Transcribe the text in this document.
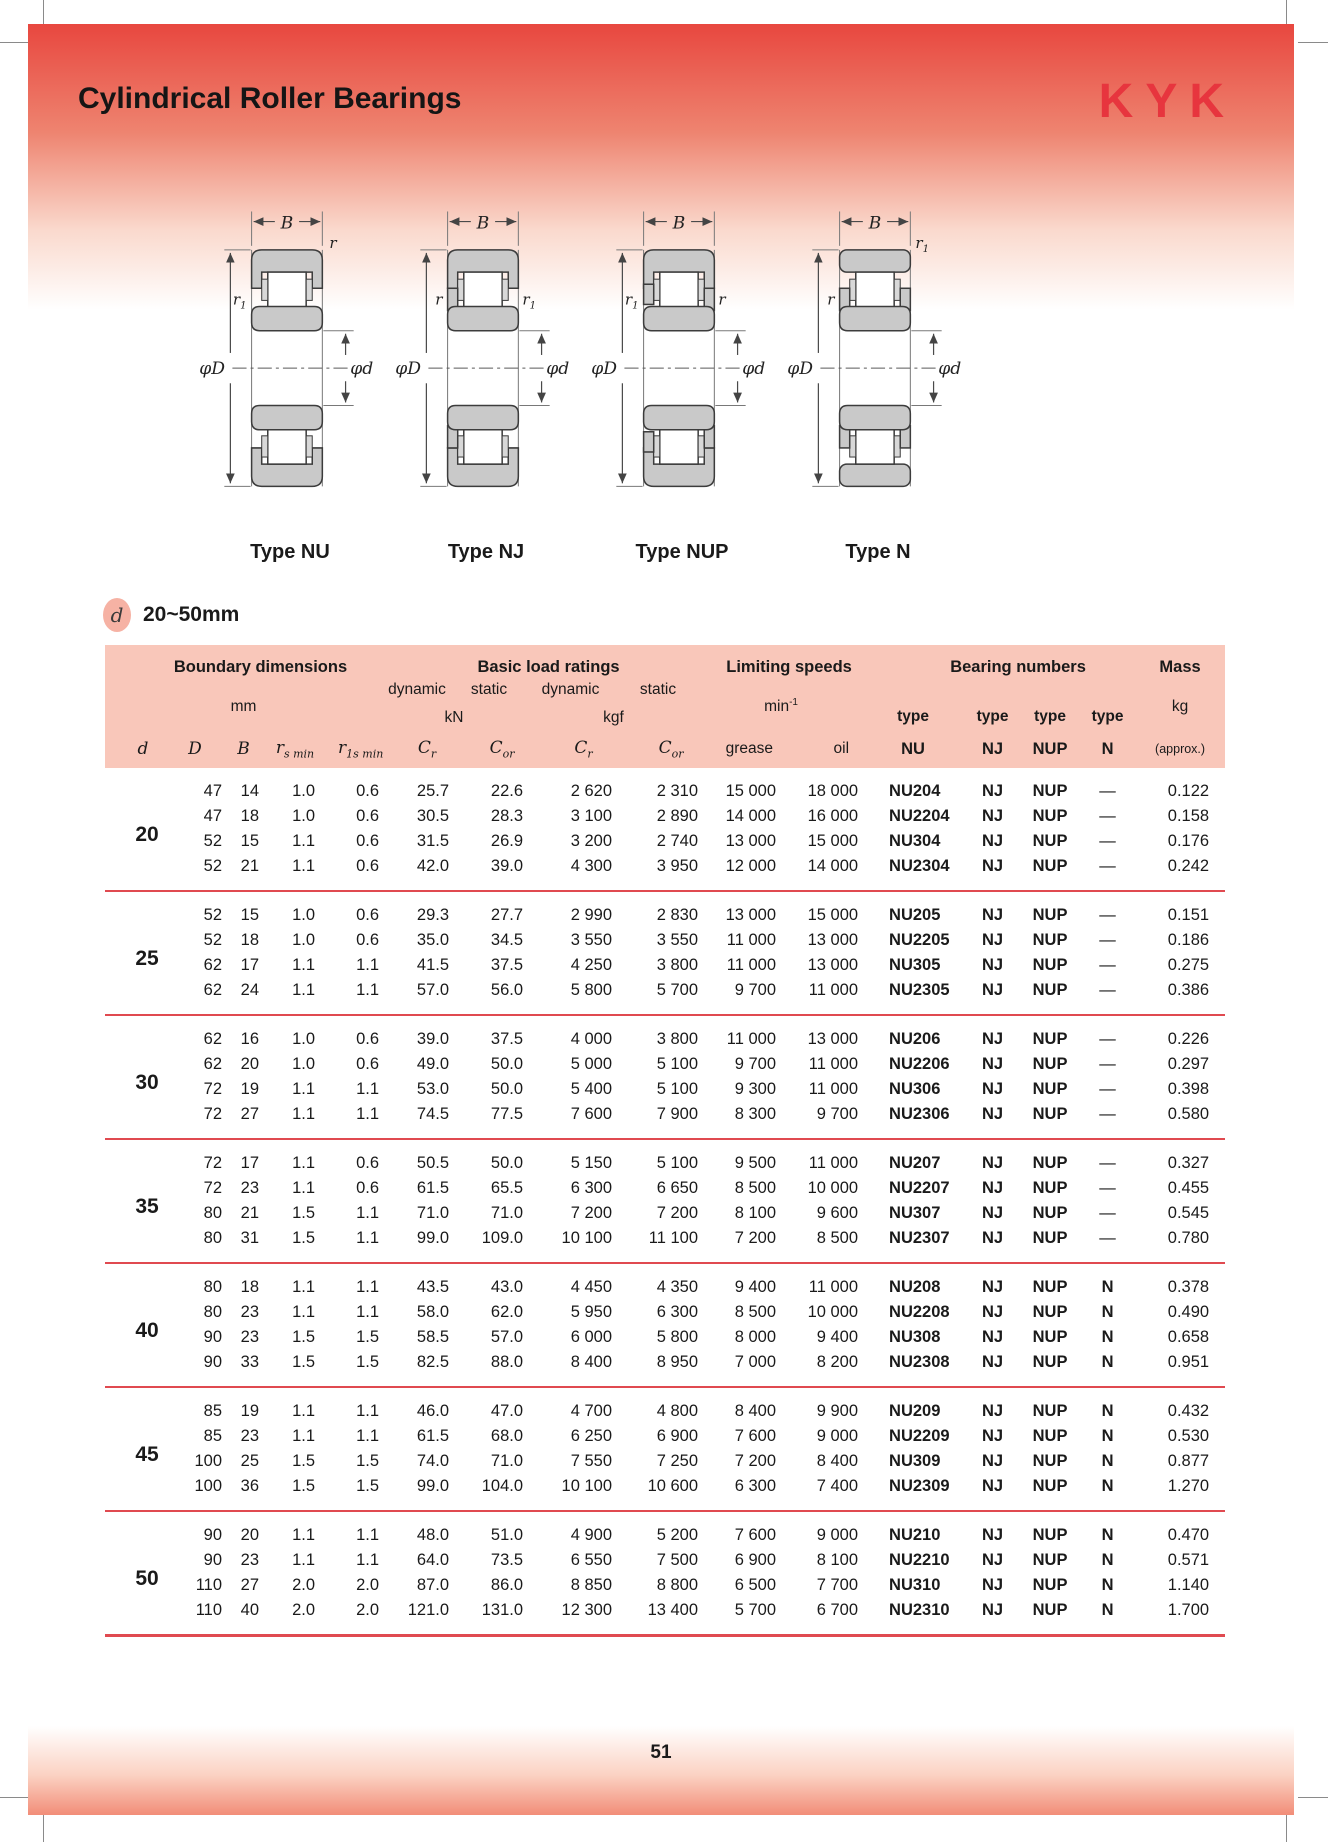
Cylindrical Roller Bearings	KYK
B
φD	φd
r
$r_1$
Type NU
B
φD	φd
r	$r_1$
Type NJ
B
φD	φd
$r_1$	r
Type NUP
B
φD	φd
$r_1$
r
Type N
d 20~50mm
Boundary dimensions					Basic load ratings				Limiting speeds		Bearing numbers				Mass
mm					dynamic	static	dynamic	static	$\min^{-1}$						kg
					kN		kgf				type	type	type	type	
d	D	B	$r_{s min}$	$r_{1s min}$	$C_r$	$C_{or}$	$C_r$	$C_{or}$	grease	oil	NU	NJ	NUP	N	(approx.)
20	47	14	1.0	0.6	25.7	22.6	2 620	2 310	15 000	18 000	NU204	NJ	NUP	—	0.122
	47	18	1.0	0.6	30.5	28.3	3 100	2 890	14 000	16 000	NU2204	NJ	NUP	—	0.158
	52	15	1.1	0.6	31.5	26.9	3 200	2 740	13 000	15 000	NU304	NJ	NUP	—	0.176
	52	21	1.1	0.6	42.0	39.0	4 300	3 950	12 000	14 000	NU2304	NJ	NUP	—	0.242
25	52	15	1.0	0.6	29.3	27.7	2 990	2 830	13 000	15 000	NU205	NJ	NUP	—	0.151
	52	18	1.0	0.6	35.0	34.5	3 550	3 550	11 000	13 000	NU2205	NJ	NUP	—	0.186
	62	17	1.1	1.1	41.5	37.5	4 250	3 800	11 000	13 000	NU305	NJ	NUP	—	0.275
	62	24	1.1	1.1	57.0	56.0	5 800	5 700	9 700	11 000	NU2305	NJ	NUP	—	0.386
30	62	16	1.0	0.6	39.0	37.5	4 000	3 800	11 000	13 000	NU206	NJ	NUP	—	0.226
	62	20	1.0	0.6	49.0	50.0	5 000	5 100	9 700	11 000	NU2206	NJ	NUP	—	0.297
	72	19	1.1	1.1	53.0	50.0	5 400	5 100	9 300	11 000	NU306	NJ	NUP	—	0.398
	72	27	1.1	1.1	74.5	77.5	7 600	7 900	8 300	9 700	NU2306	NJ	NUP	—	0.580
35	72	17	1.1	0.6	50.5	50.0	5 150	5 100	9 500	11 000	NU207	NJ	NUP	—	0.327
	72	23	1.1	0.6	61.5	65.5	6 300	6 650	8 500	10 000	NU2207	NJ	NUP	—	0.455
	80	21	1.5	1.1	71.0	71.0	7 200	7 200	8 100	9 600	NU307	NJ	NUP	—	0.545
	80	31	1.5	1.1	99.0	109.0	10 100	11 100	7 200	8 500	NU2307	NJ	NUP	—	0.780
40	80	18	1.1	1.1	43.5	43.0	4 450	4 350	9 400	11 000	NU208	NJ	NUP	N	0.378
	80	23	1.1	1.1	58.0	62.0	5 950	6 300	8 500	10 000	NU2208	NJ	NUP	N	0.490
	90	23	1.5	1.5	58.5	57.0	6 000	5 800	8 000	9 400	NU308	NJ	NUP	N	0.658
	90	33	1.5	1.5	82.5	88.0	8 400	8 950	7 000	8 200	NU2308	NJ	NUP	N	0.951
45	85	19	1.1	1.1	46.0	47.0	4 700	4 800	8 400	9 900	NU209	NJ	NUP	N	0.432
	85	23	1.1	1.1	61.5	68.0	6 250	6 900	7 600	9 000	NU2209	NJ	NUP	N	0.530
	100	25	1.5	1.5	74.0	71.0	7 550	7 250	7 200	8 400	NU309	NJ	NUP	N	0.877
	100	36	1.5	1.5	99.0	104.0	10 100	10 600	6 300	7 400	NU2309	NJ	NUP	N	1.270
50	90	20	1.1	1.1	48.0	51.0	4 900	5 200	7 600	9 000	NU210	NJ	NUP	N	0.470
	90	23	1.1	1.1	64.0	73.5	6 550	7 500	6 900	8 100	NU2210	NJ	NUP	N	0.571
	110	27	2.0	2.0	87.0	86.0	8 850	8 800	6 500	7 700	NU310	NJ	NUP	N	1.140
	110	40	2.0	2.0	121.0	131.0	12 300	13 400	5 700	6 700	NU2310	NJ	NUP	N	1.700
51
